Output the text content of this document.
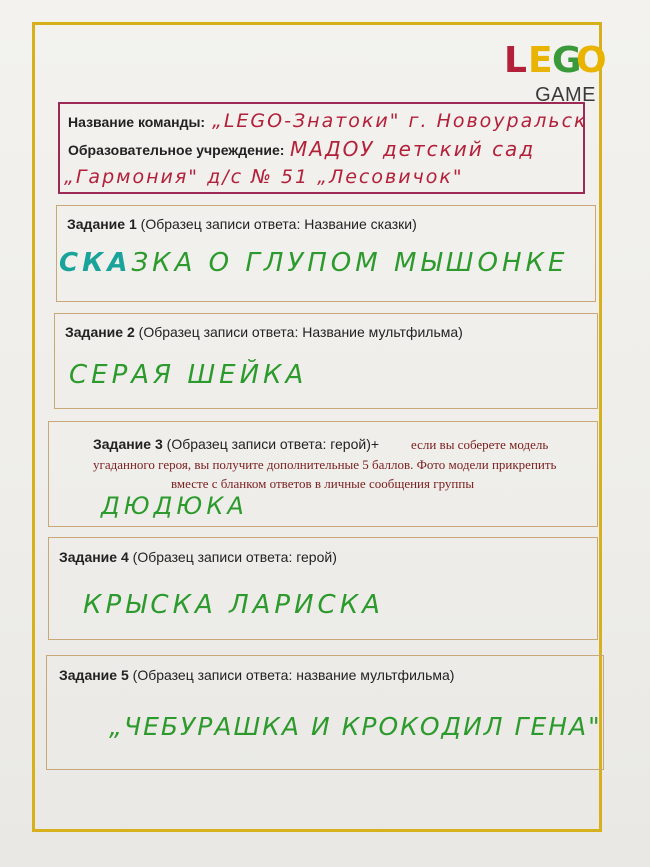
L E G
O
GAME
Название команды: „LEGO-Знатоки" г. Новоуральск
Образовательное учреждение: МАДОУ детский сад
„Гармония" д/с № 51 „Лесовичок"
Задание 1 (Образец записи ответа: Название сказки)
СКАЗКА О ГЛУПОМ МЫШОНКЕ
Задание 2 (Образец записи ответа: Название мультфильма)
СЕРАЯ ШЕЙКА
Задание 3 (Образец записи ответа: герой)+ если вы соберете модель
угаданного героя, вы получите дополнительные 5 баллов. Фото модели прикрепить
вместе с бланком ответов в личные сообщения группы
ДЮДЮКА
Задание 4 (Образец записи ответа: герой)
КРЫСКА ЛАРИСКА
Задание 5 (Образец записи ответа: название мультфильма)
„ЧЕБУРАШКА И КРОКОДИЛ ГЕНА"
